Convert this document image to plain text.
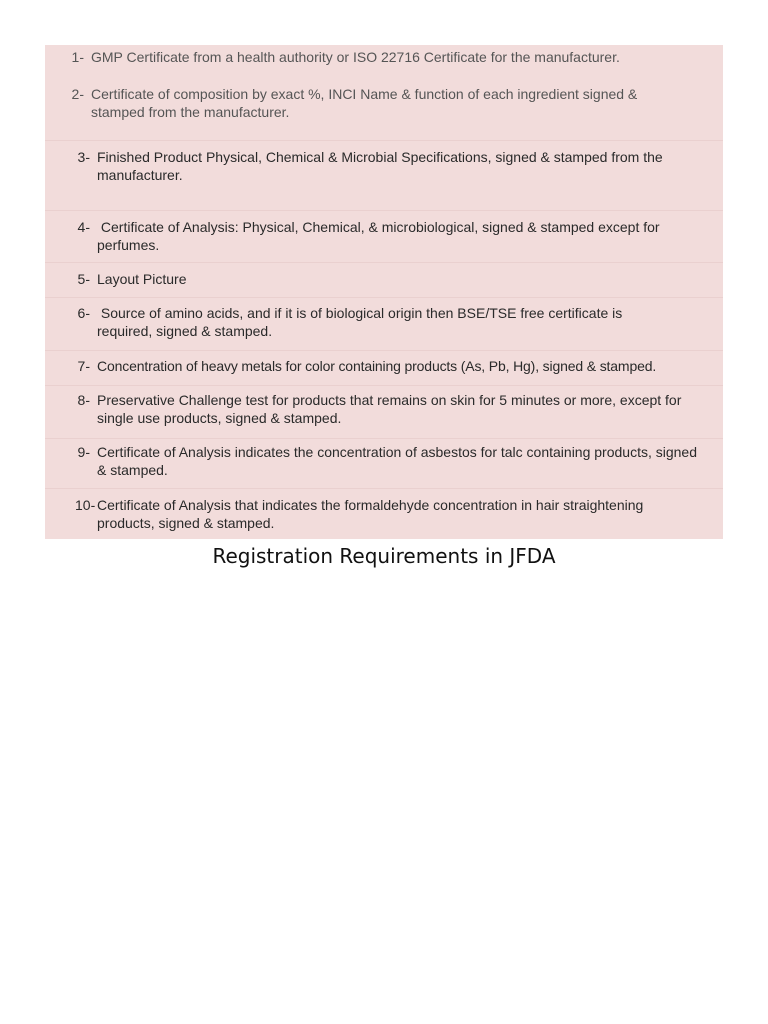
1- GMP Certificate from a health authority or ISO 22716 Certificate for the manufacturer.
2- Certificate of composition by exact %, INCI Name & function of each ingredient signed & stamped from the manufacturer.
3- Finished Product Physical, Chemical & Microbial Specifications, signed & stamped from the manufacturer.
4- Certificate of Analysis: Physical, Chemical, & microbiological, signed & stamped except for perfumes.
5- Layout Picture
6- Source of amino acids, and if it is of biological origin then BSE/TSE free certificate is required, signed & stamped.
7- Concentration of heavy metals for color containing products (As, Pb, Hg), signed & stamped.
8- Preservative Challenge test for products that remains on skin for 5 minutes or more, except for single use products, signed & stamped.
9- Certificate of Analysis indicates the concentration of asbestos for talc containing products, signed & stamped.
10- Certificate of Analysis that indicates the formaldehyde concentration in hair straightening products, signed & stamped.
Registration Requirements in JFDA
